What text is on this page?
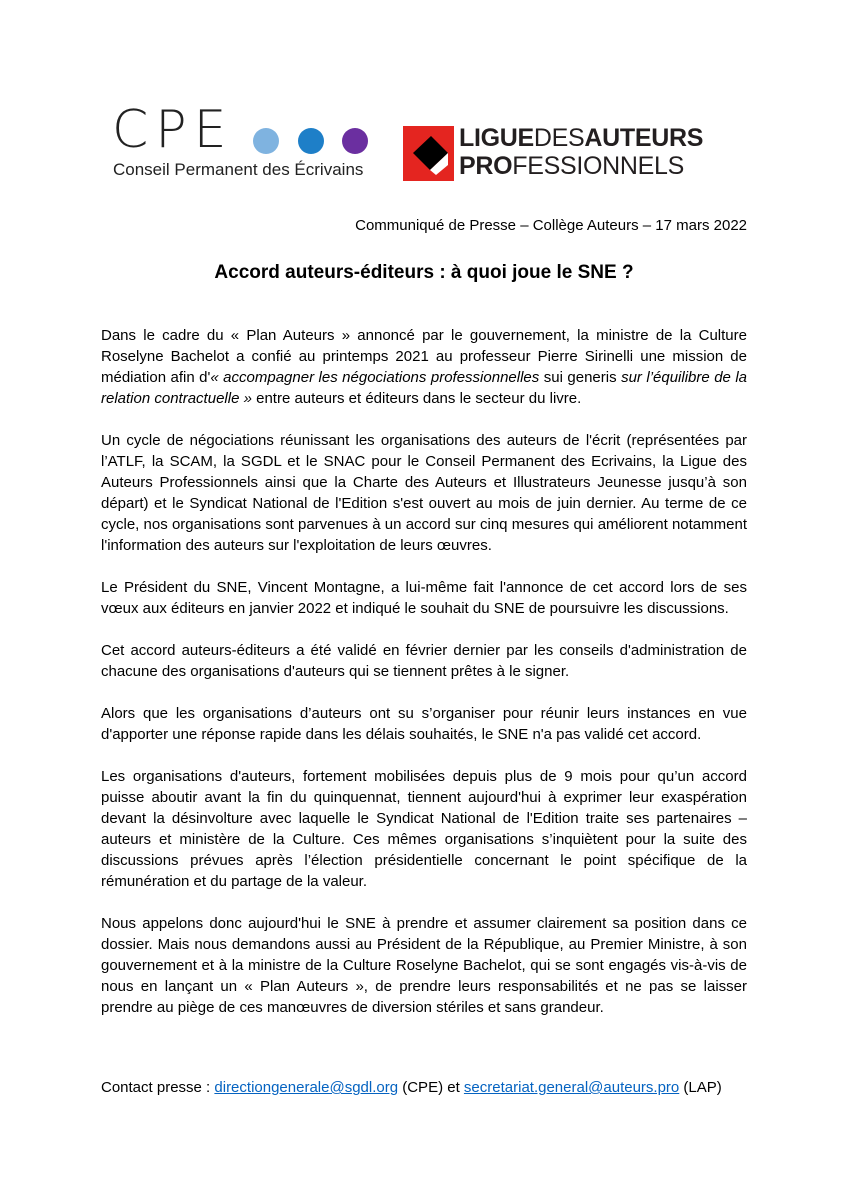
CPE
Conseil Permanent des Écrivains
LIGUEDESAUTEURS
PROFESSIONNELS
Communiqué de Presse – Collège Auteurs – 17 mars 2022
Accord auteurs-éditeurs : à quoi joue le SNE ?

Dans le cadre du « Plan Auteurs » annoncé par le gouvernement, la ministre de la Culture Roselyne Bachelot a confié au printemps 2021 au professeur Pierre Sirinelli une mission de médiation afin d'« accompagner les négociations professionnelles sui generis sur l’équilibre de la relation contractuelle » entre auteurs et éditeurs dans le secteur du livre.

Un cycle de négociations réunissant les organisations des auteurs de l'écrit (représentées par l’ATLF, la SCAM, la SGDL et le SNAC pour le Conseil Permanent des Ecrivains, la Ligue des Auteurs Professionnels ainsi que la Charte des Auteurs et Illustrateurs Jeunesse jusqu’à son départ) et le Syndicat National de l'Edition s'est ouvert au mois de juin dernier. Au terme de ce cycle, nos organisations sont parvenues à un accord sur cinq mesures qui améliorent notamment l'information des auteurs sur l'exploitation de leurs œuvres.

Le Président du SNE, Vincent Montagne, a lui-même fait l'annonce de cet accord lors de ses vœux aux éditeurs en janvier 2022 et indiqué le souhait du SNE de poursuivre les discussions.

Cet accord auteurs-éditeurs a été validé en février dernier par les conseils d'administration de chacune des organisations d'auteurs qui se tiennent prêtes à le signer.

Alors que les organisations d’auteurs ont su s’organiser pour réunir leurs instances en vue d'apporter une réponse rapide dans les délais souhaités, le SNE n'a pas validé cet accord.

Les organisations d'auteurs, fortement mobilisées depuis plus de 9 mois pour qu’un accord puisse aboutir avant la fin du quinquennat, tiennent aujourd'hui à exprimer leur exaspération devant la désinvolture avec laquelle le Syndicat National de l'Edition traite ses partenaires – auteurs et ministère de la Culture. Ces mêmes organisations s’inquiètent pour la suite des discussions prévues après l’élection présidentielle concernant le point spécifique de la rémunération et du partage de la valeur.

Nous appelons donc aujourd'hui le SNE à prendre et assumer clairement sa position dans ce dossier. Mais nous demandons aussi au Président de la République, au Premier Ministre, à son gouvernement et à la ministre de la Culture Roselyne Bachelot, qui se sont engagés vis-à-vis de nous en lançant un « Plan Auteurs », de prendre leurs responsabilités et ne pas se laisser prendre au piège de ces manœuvres de diversion stériles et sans grandeur.

Contact presse : directiongenerale@sgdl.org (CPE) et secretariat.general@auteurs.pro (LAP)
